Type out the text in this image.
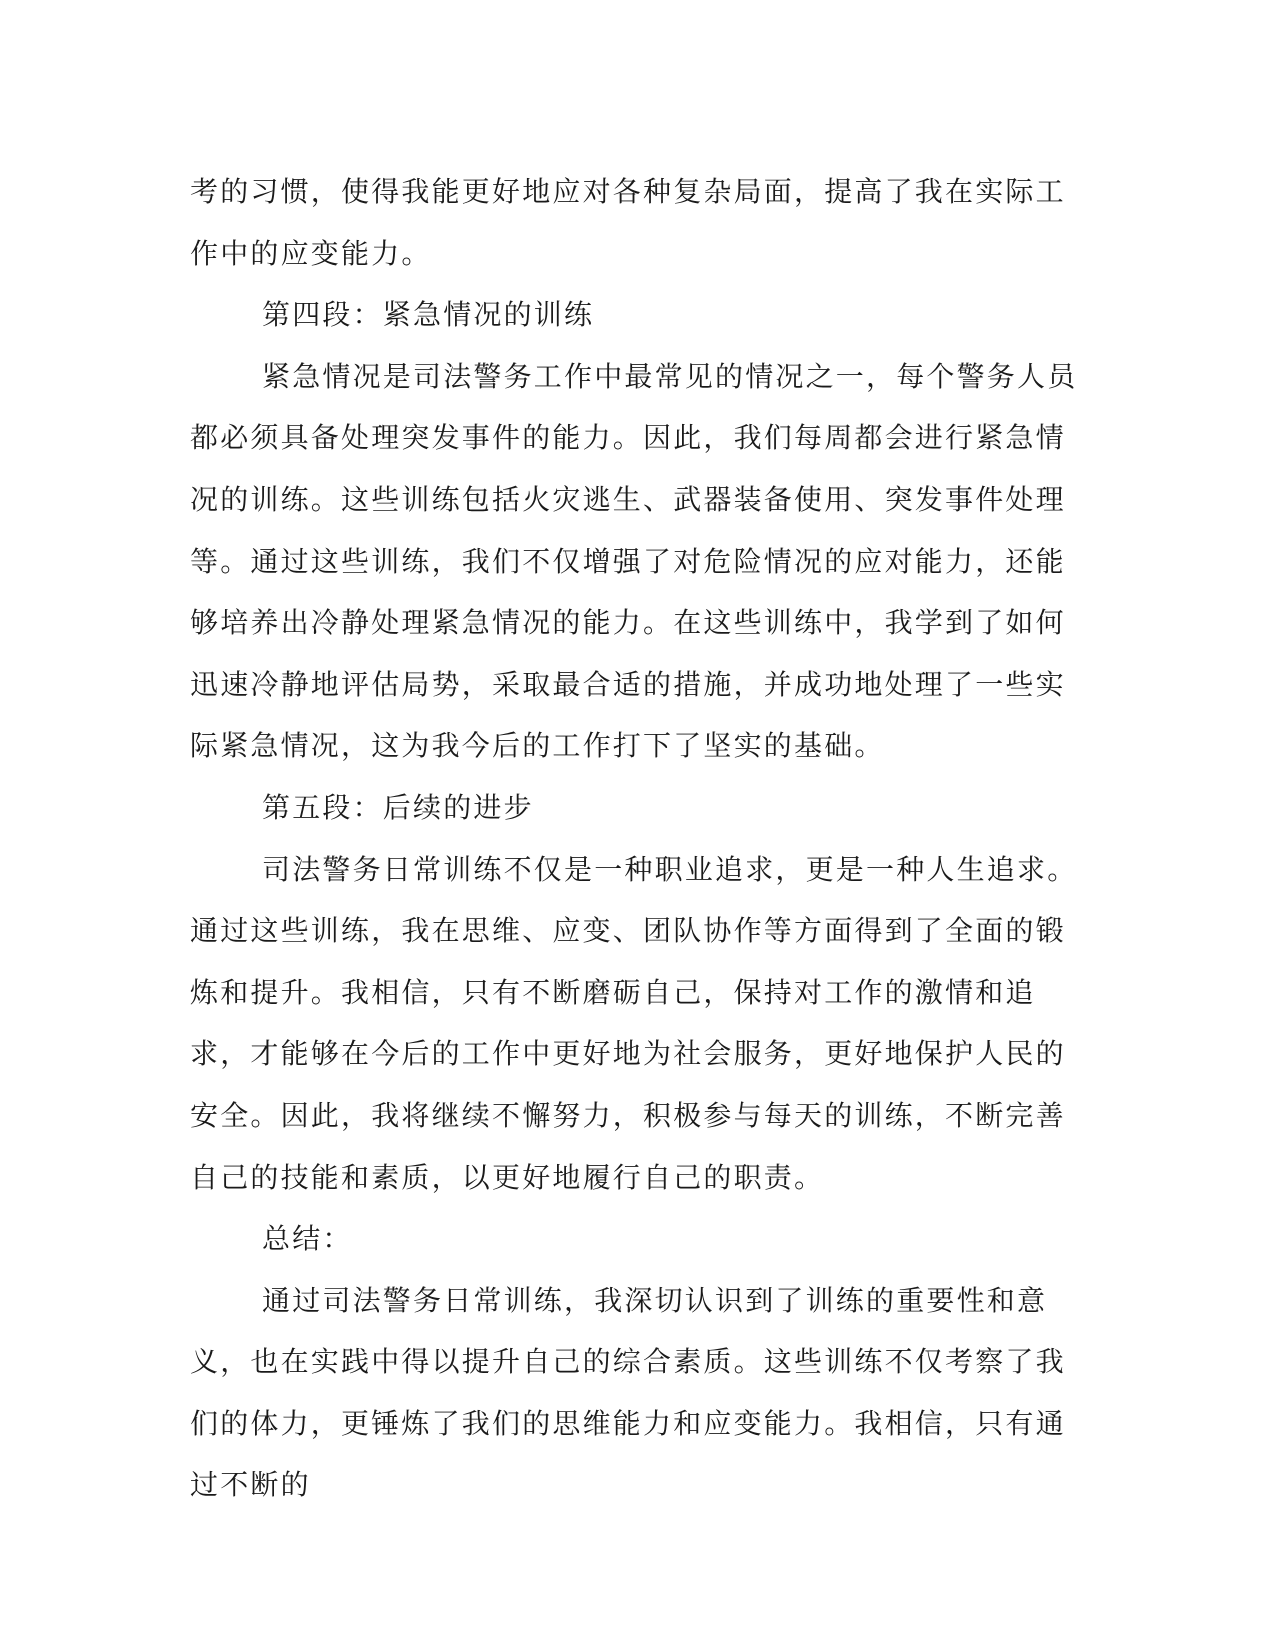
考的习惯，使得我能更好地应对各种复杂局面，提高了我在实际工作中的应变能力。

第四段：紧急情况的训练

紧急情况是司法警务工作中最常见的情况之一，每个警务人员都必须具备处理突发事件的能力。因此，我们每周都会进行紧急情况的训练。这些训练包括火灾逃生、武器装备使用、突发事件处理等。通过这些训练，我们不仅增强了对危险情况的应对能力，还能够培养出冷静处理紧急情况的能力。在这些训练中，我学到了如何迅速冷静地评估局势，采取最合适的措施，并成功地处理了一些实际紧急情况，这为我今后的工作打下了坚实的基础。

第五段：后续的进步

司法警务日常训练不仅是一种职业追求，更是一种人生追求。通过这些训练，我在思维、应变、团队协作等方面得到了全面的锻炼和提升。我相信，只有不断磨砺自己，保持对工作的激情和追求，才能够在今后的工作中更好地为社会服务，更好地保护人民的安全。因此，我将继续不懈努力，积极参与每天的训练，不断完善自己的技能和素质，以更好地履行自己的职责。

总结：

通过司法警务日常训练，我深切认识到了训练的重要性和意义，也在实践中得以提升自己的综合素质。这些训练不仅考察了我们的体力，更锤炼了我们的思维能力和应变能力。我相信，只有通过不断的
